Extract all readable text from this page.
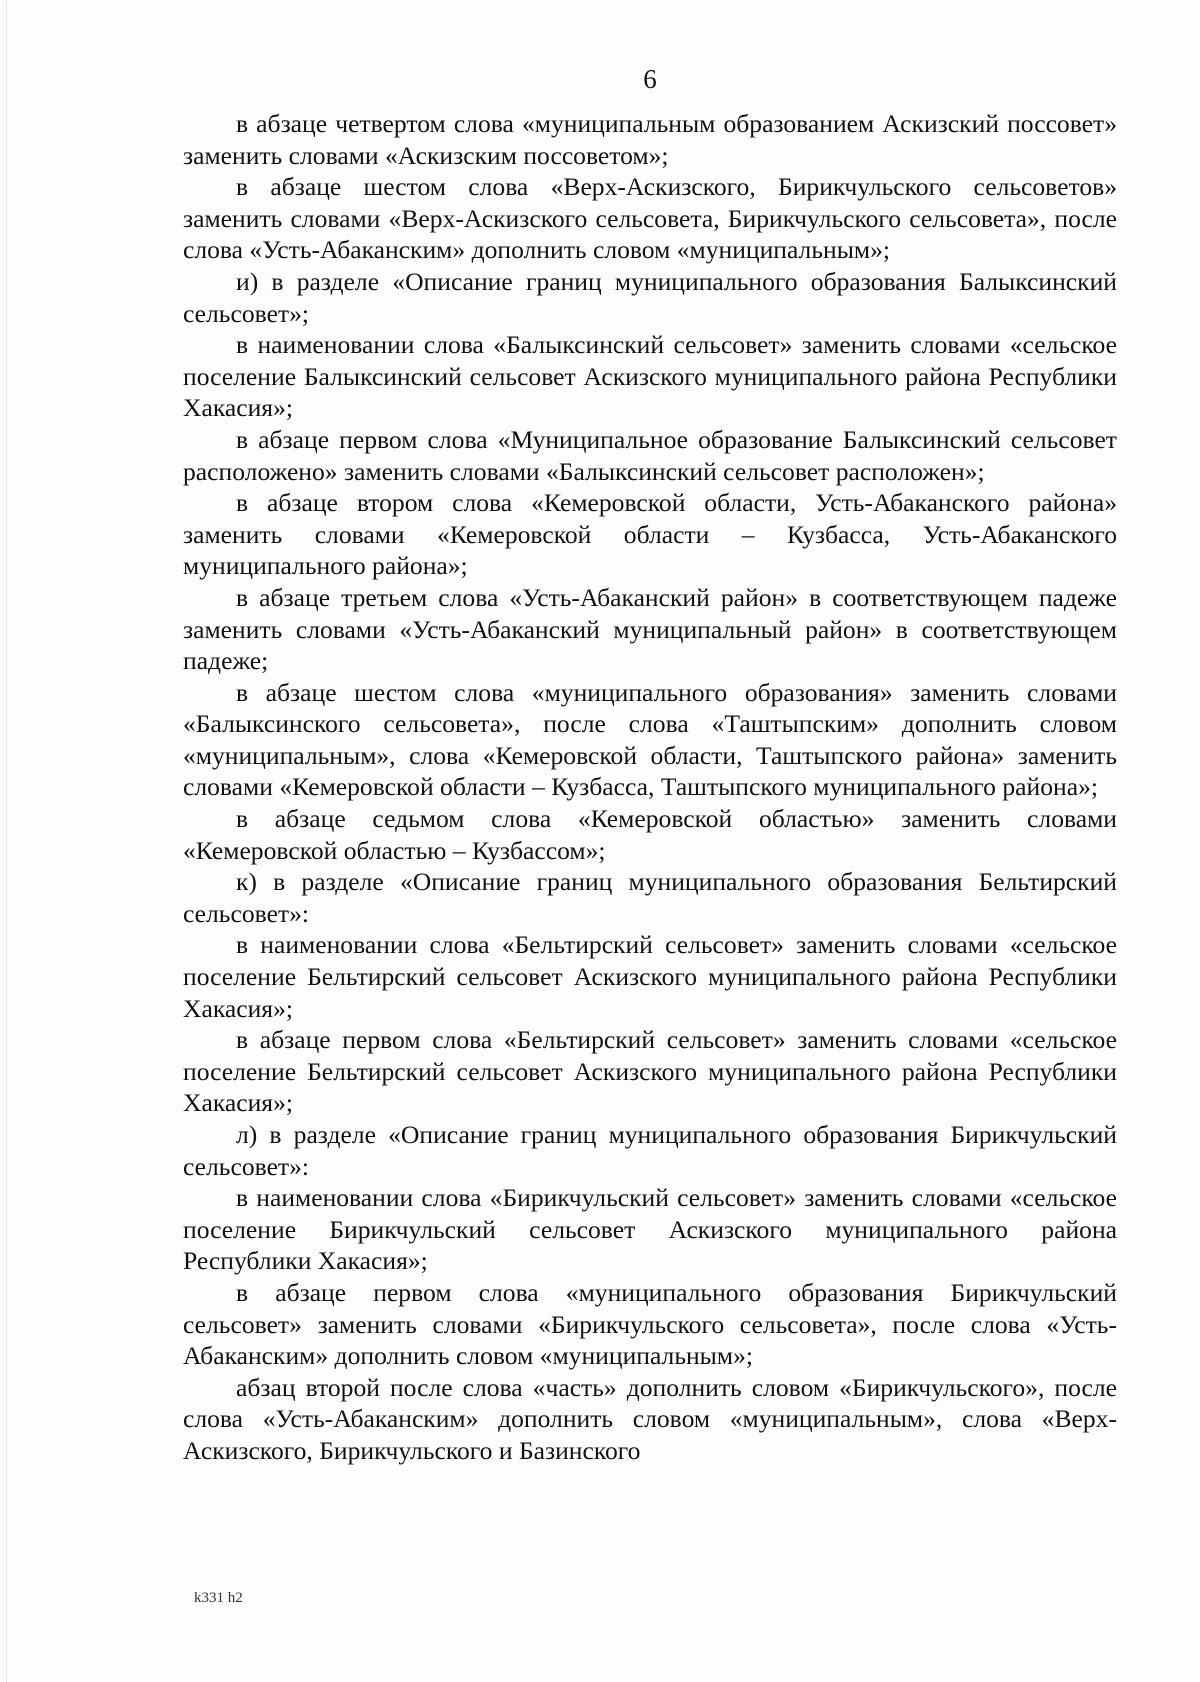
6

в абзаце четвертом слова «муниципальным образованием Аскизский поссовет» заменить словами «Аскизским поссоветом»;

в абзаце шестом слова «Верх-Аскизского, Бирикчульского сельсоветов» заменить словами «Верх-Аскизского сельсовета, Бирикчульского сельсовета», после слова «Усть-Абаканским» дополнить словом «муниципальным»;

и) в разделе «Описание границ муниципального образования Балыксинский сельсовет»;

в наименовании слова «Балыксинский сельсовет» заменить словами «сельское поселение Балыксинский сельсовет Аскизского муниципального района Республики Хакасия»;

в абзаце первом слова «Муниципальное образование Балыксинский сельсовет расположено» заменить словами «Балыксинский сельсовет расположен»;

в абзаце втором слова «Кемеровской области, Усть-Абаканского района» заменить словами «Кемеровской области – Кузбасса, Усть-Абаканского муниципального района»;

в абзаце третьем слова «Усть-Абаканский район» в соответствующем падеже заменить словами «Усть-Абаканский муниципальный район» в соответствующем падеже;

в абзаце шестом слова «муниципального образования» заменить словами «Балыксинского сельсовета», после слова «Таштыпским» дополнить словом «муниципальным», слова «Кемеровской области, Таштыпского района» заменить словами «Кемеровской области – Кузбасса, Таштыпского муниципального района»;

в абзаце седьмом слова «Кемеровской областью» заменить словами «Кемеровской областью – Кузбассом»;

к) в разделе «Описание границ муниципального образования Бельтирский сельсовет»:

в наименовании слова «Бельтирский сельсовет» заменить словами «сельское поселение Бельтирский сельсовет Аскизского муниципального района Республики Хакасия»;

в абзаце первом слова «Бельтирский сельсовет» заменить словами «сельское поселение Бельтирский сельсовет Аскизского муниципального района Республики Хакасия»;

л) в разделе «Описание границ муниципального образования Бирикчульский сельсовет»:

в наименовании слова «Бирикчульский сельсовет» заменить словами «сельское поселение Бирикчульский сельсовет Аскизского муниципального района Республики Хакасия»;

в абзаце первом слова «муниципального образования Бирикчульский сельсовет» заменить словами «Бирикчульского сельсовета», после слова «Усть-Абаканским» дополнить словом «муниципальным»;

абзац второй после слова «часть» дополнить словом «Бирикчульского», после слова «Усть-Абаканским» дополнить словом «муниципальным», слова «Верх-Аскизского, Бирикчульского и Базинского

k331 h2
